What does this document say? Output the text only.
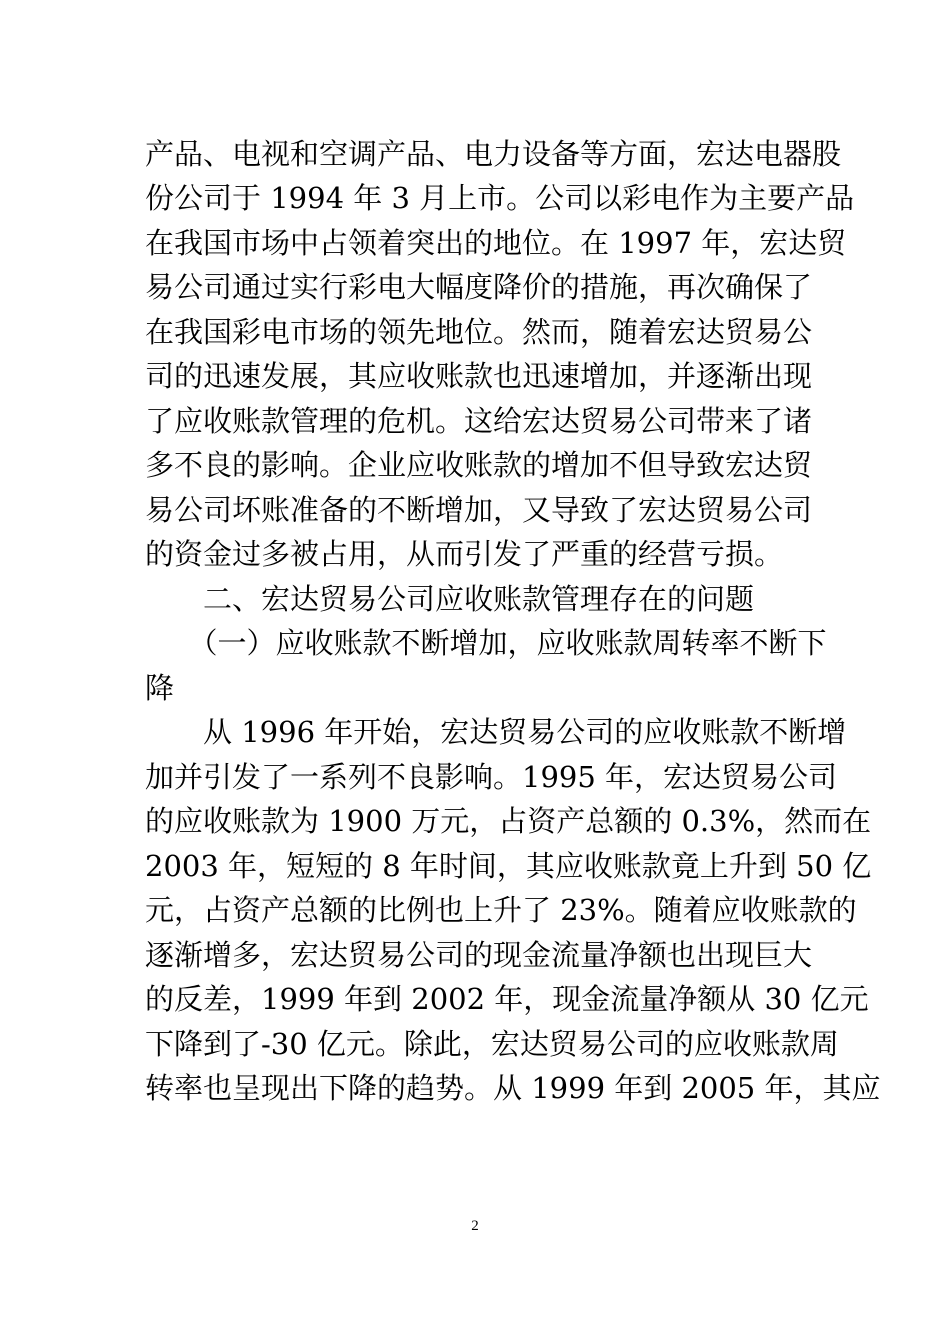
产品、电视和空调产品、电力设备等方面，宏达电器股
份公司于 1994 年 3 月上市。公司以彩电作为主要产品
在我国市场中占领着突出的地位。在 1997 年，宏达贸
易公司通过实行彩电大幅度降价的措施，再次确保了
在我国彩电市场的领先地位。然而，随着宏达贸易公
司的迅速发展，其应收账款也迅速增加，并逐渐出现
了应收账款管理的危机。这给宏达贸易公司带来了诸
多不良的影响。企业应收账款的增加不但导致宏达贸
易公司坏账准备的不断增加，又导致了宏达贸易公司
的资金过多被占用，从而引发了严重的经营亏损。
　　二、宏达贸易公司应收账款管理存在的问题
　　（一）应收账款不断增加，应收账款周转率不断下
降
　　从 1996 年开始，宏达贸易公司的应收账款不断增
加并引发了一系列不良影响。1995 年，宏达贸易公司
的应收账款为 1900 万元，占资产总额的 0.3%，然而在
2003 年，短短的 8 年时间，其应收账款竟上升到 50 亿
元，占资产总额的比例也上升了 23%。随着应收账款的
逐渐增多，宏达贸易公司的现金流量净额也出现巨大
的反差，1999 年到 2002 年，现金流量净额从 30 亿元
下降到了-30 亿元。除此，宏达贸易公司的应收账款周
转率也呈现出下降的趋势。从 1999 年到 2005 年，其应
2
